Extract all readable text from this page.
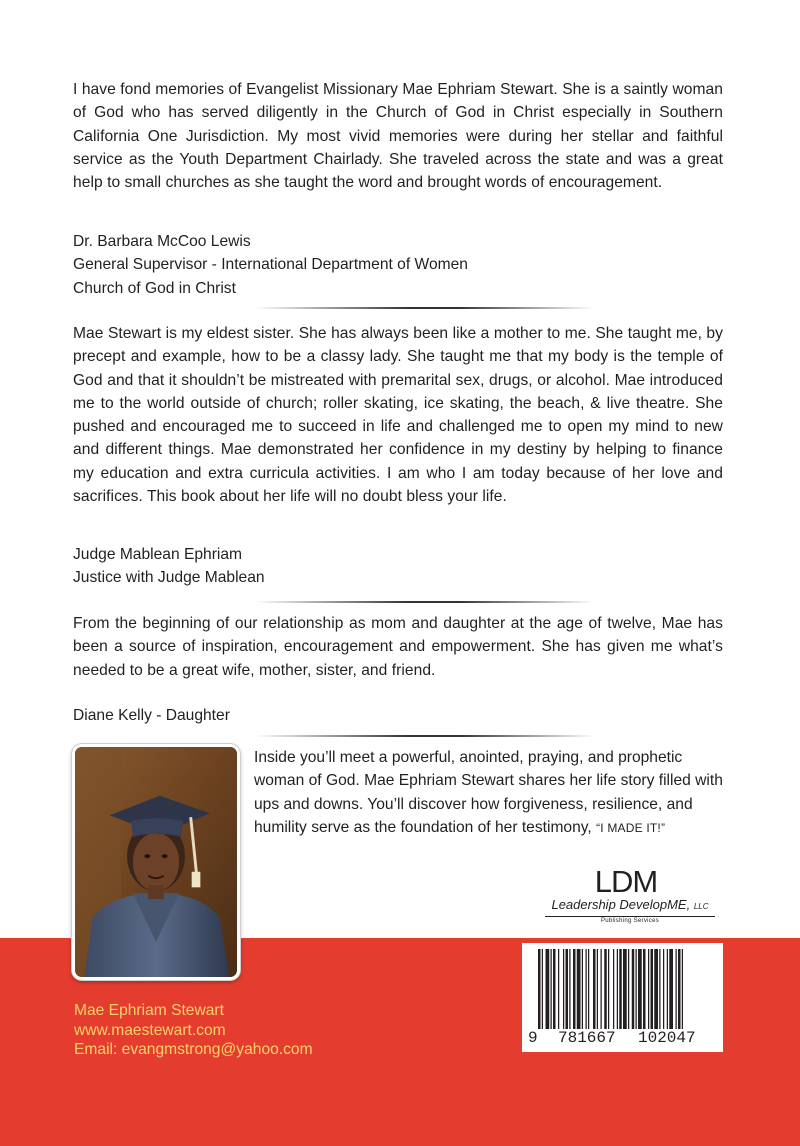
I have fond memories of Evangelist Missionary Mae Ephriam Stewart. She is a saintly woman of God who has served diligently in the Church of God in Christ especially in Southern California One Jurisdiction. My most vivid memories were during her stellar and faithful service as the Youth Department Chairlady. She traveled across the state and was a great help to small churches as she taught the word and brought words of encouragement.

Dr. Barbara McCoo Lewis
General Supervisor - International Department of Women
Church of God in Christ

Mae Stewart is my eldest sister. She has always been like a mother to me. She taught me, by precept and example, how to be a classy lady. She taught me that my body is the temple of God and that it shouldn’t be mistreated with premarital sex, drugs, or alcohol. Mae introduced me to the world outside of church; roller skating, ice skating, the beach, & live theatre. She pushed and encouraged me to succeed in life and challenged me to open my mind to new and different things. Mae demonstrated her confidence in my destiny by helping to finance my education and extra curricula activities. I am who I am today because of her love and sacrifices. This book about her life will no doubt bless your life.

Judge Mablean Ephriam
Justice with Judge Mablean

From the beginning of our relationship as mom and daughter at the age of twelve, Mae has been a source of inspiration, encouragement and empowerment. She has given me what’s needed to be a great wife, mother, sister, and friend.

Diane Kelly - Daughter

Inside you’ll meet a powerful, anointed, praying, and prophetic woman of God. Mae Ephriam Stewart shares her life story filled with ups and downs. You’ll discover how forgiveness, resilience, and humility serve as the foundation of her testimony, “I MADE IT!”

LDM
Leadership DevelopME, LLC
Publishing Services
Mae Ephriam Stewart
www.maestewart.com
Email: evangmstrong@yahoo.com
9 781667 102047
